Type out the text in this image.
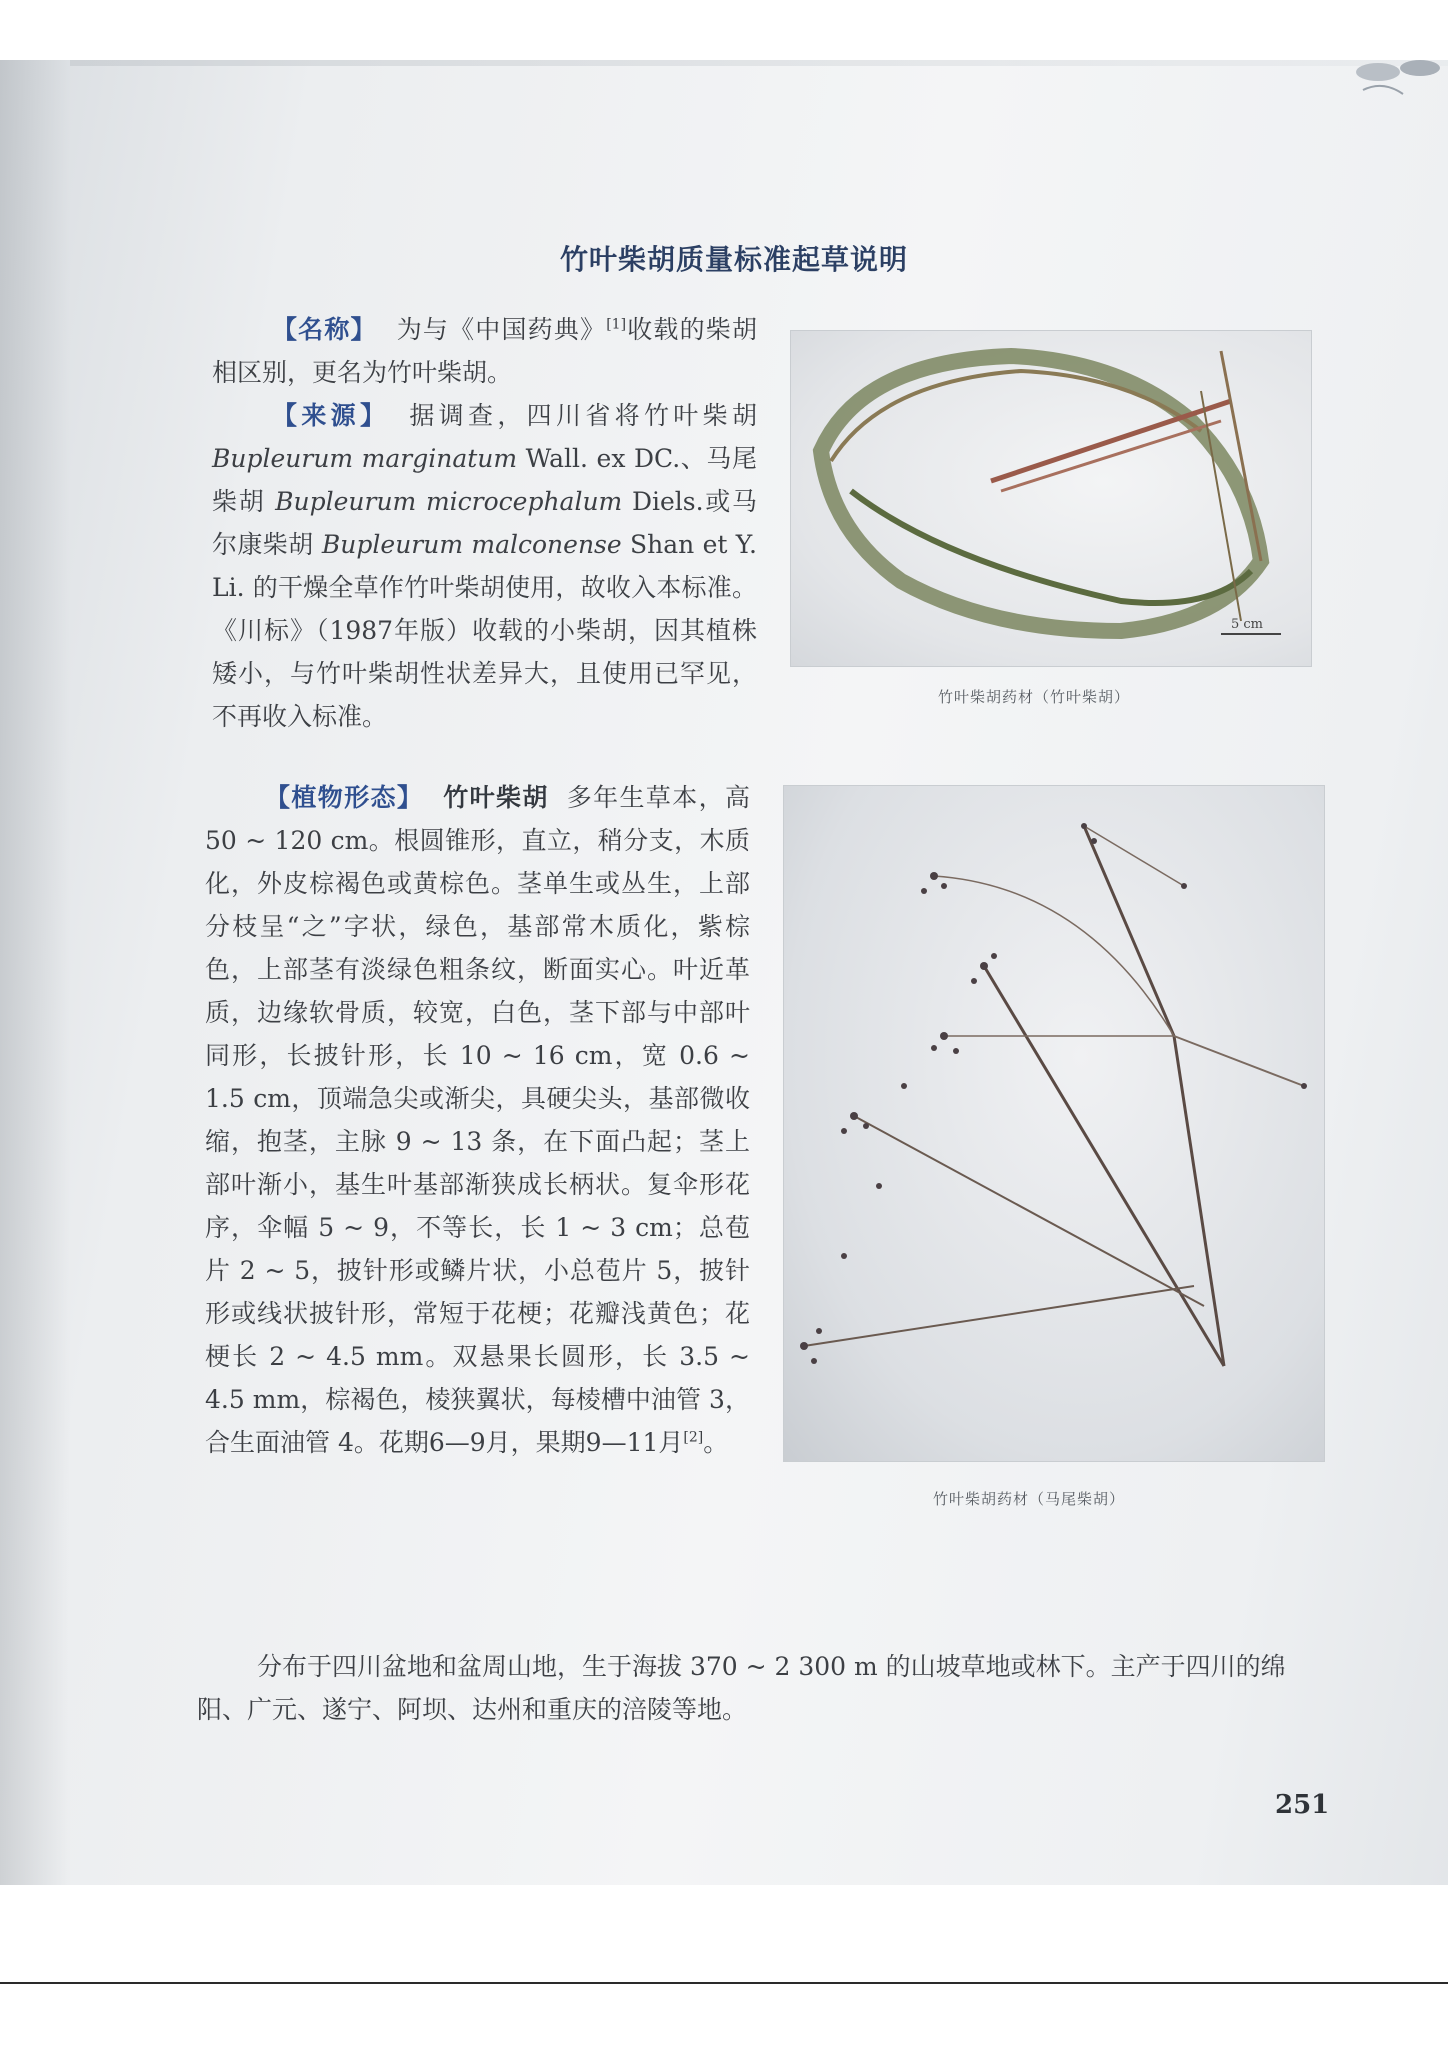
竹叶柴胡质量标准起草说明

【名称】 为与《中国药典》[1]收载的柴胡相区别，更名为竹叶柴胡。

【来源】 据调查，四川省将竹叶柴胡 Bupleurum marginatum Wall. ex DC.、马尾柴胡 Bupleurum microcephalum Diels.或马尔康柴胡 Bupleurum malconense Shan et Y. Li. 的干燥全草作竹叶柴胡使用，故收入本标准。《川标》（1987年版）收载的小柴胡，因其植株矮小，与竹叶柴胡性状差异大，且使用已罕见，不再收入标准。

【植物形态】 竹叶柴胡 多年生草本，高 50 ~ 120 cm。根圆锥形，直立，稍分支，木质化，外皮棕褐色或黄棕色。茎单生或丛生，上部分枝呈“之”字状，绿色，基部常木质化，紫棕色，上部茎有淡绿色粗条纹，断面实心。叶近革质，边缘软骨质，较宽，白色，茎下部与中部叶同形，长披针形，长 10 ~ 16 cm，宽 0.6 ~ 1.5 cm，顶端急尖或渐尖，具硬尖头，基部微收缩，抱茎，主脉 9 ~ 13 条，在下面凸起；茎上部叶渐小，基生叶基部渐狭成长柄状。复伞形花序，伞幅 5 ~ 9，不等长，长 1 ~ 3 cm；总苞片 2 ~ 5，披针形或鳞片状，小总苞片 5，披针形或线状披针形，常短于花梗；花瓣浅黄色；花梗长 2 ~ 4.5 mm。双悬果长圆形，长 3.5 ~ 4.5 mm，棕褐色，棱狭翼状，每棱槽中油管 3，合生面油管 4。花期6—9月，果期9—11月[2]。

分布于四川盆地和盆周山地，生于海拔 370 ~ 2 300 m 的山坡草地或林下。主产于四川的绵阳、广元、遂宁、阿坝、达州和重庆的涪陵等地。
5 cm
竹叶柴胡药材（竹叶柴胡）
竹叶柴胡药材（马尾柴胡）
251
